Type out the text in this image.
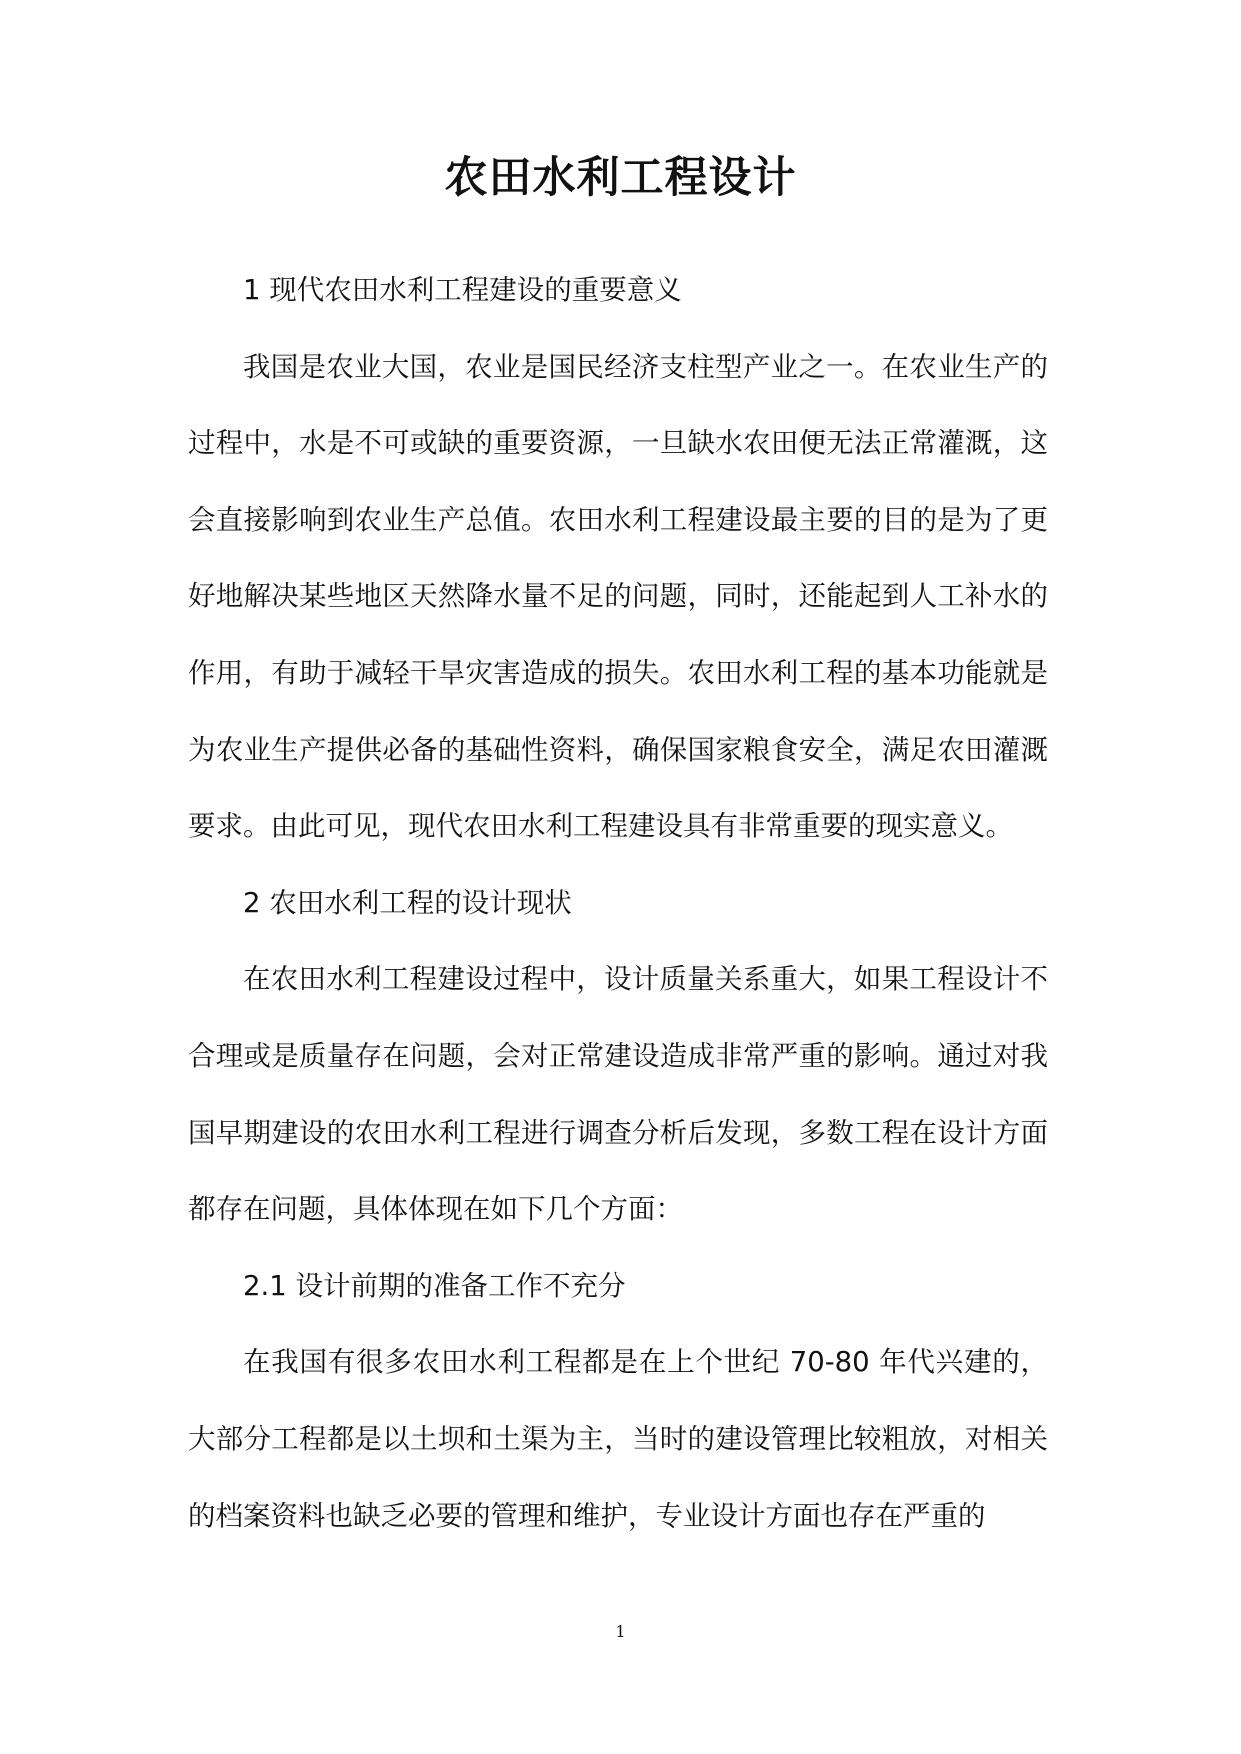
农田水利工程设计

1 现代农田水利工程建设的重要意义

我国是农业大国，农业是国民经济支柱型产业之一。在农业生产的过程中，水是不可或缺的重要资源，一旦缺水农田便无法正常灌溉，这会直接影响到农业生产总值。农田水利工程建设最主要的目的是为了更好地解决某些地区天然降水量不足的问题，同时，还能起到人工补水的作用，有助于减轻干旱灾害造成的损失。农田水利工程的基本功能就是为农业生产提供必备的基础性资料，确保国家粮食安全，满足农田灌溉要求。由此可见，现代农田水利工程建设具有非常重要的现实意义。

2 农田水利工程的设计现状

在农田水利工程建设过程中，设计质量关系重大，如果工程设计不合理或是质量存在问题，会对正常建设造成非常严重的影响。通过对我国早期建设的农田水利工程进行调查分析后发现，多数工程在设计方面都存在问题，具体体现在如下几个方面：

2.1 设计前期的准备工作不充分

在我国有很多农田水利工程都是在上个世纪 70-80 年代兴建的，大部分工程都是以土坝和土渠为主，当时的建设管理比较粗放，对相关的档案资料也缺乏必要的管理和维护，专业设计方面也存在严重的

1
